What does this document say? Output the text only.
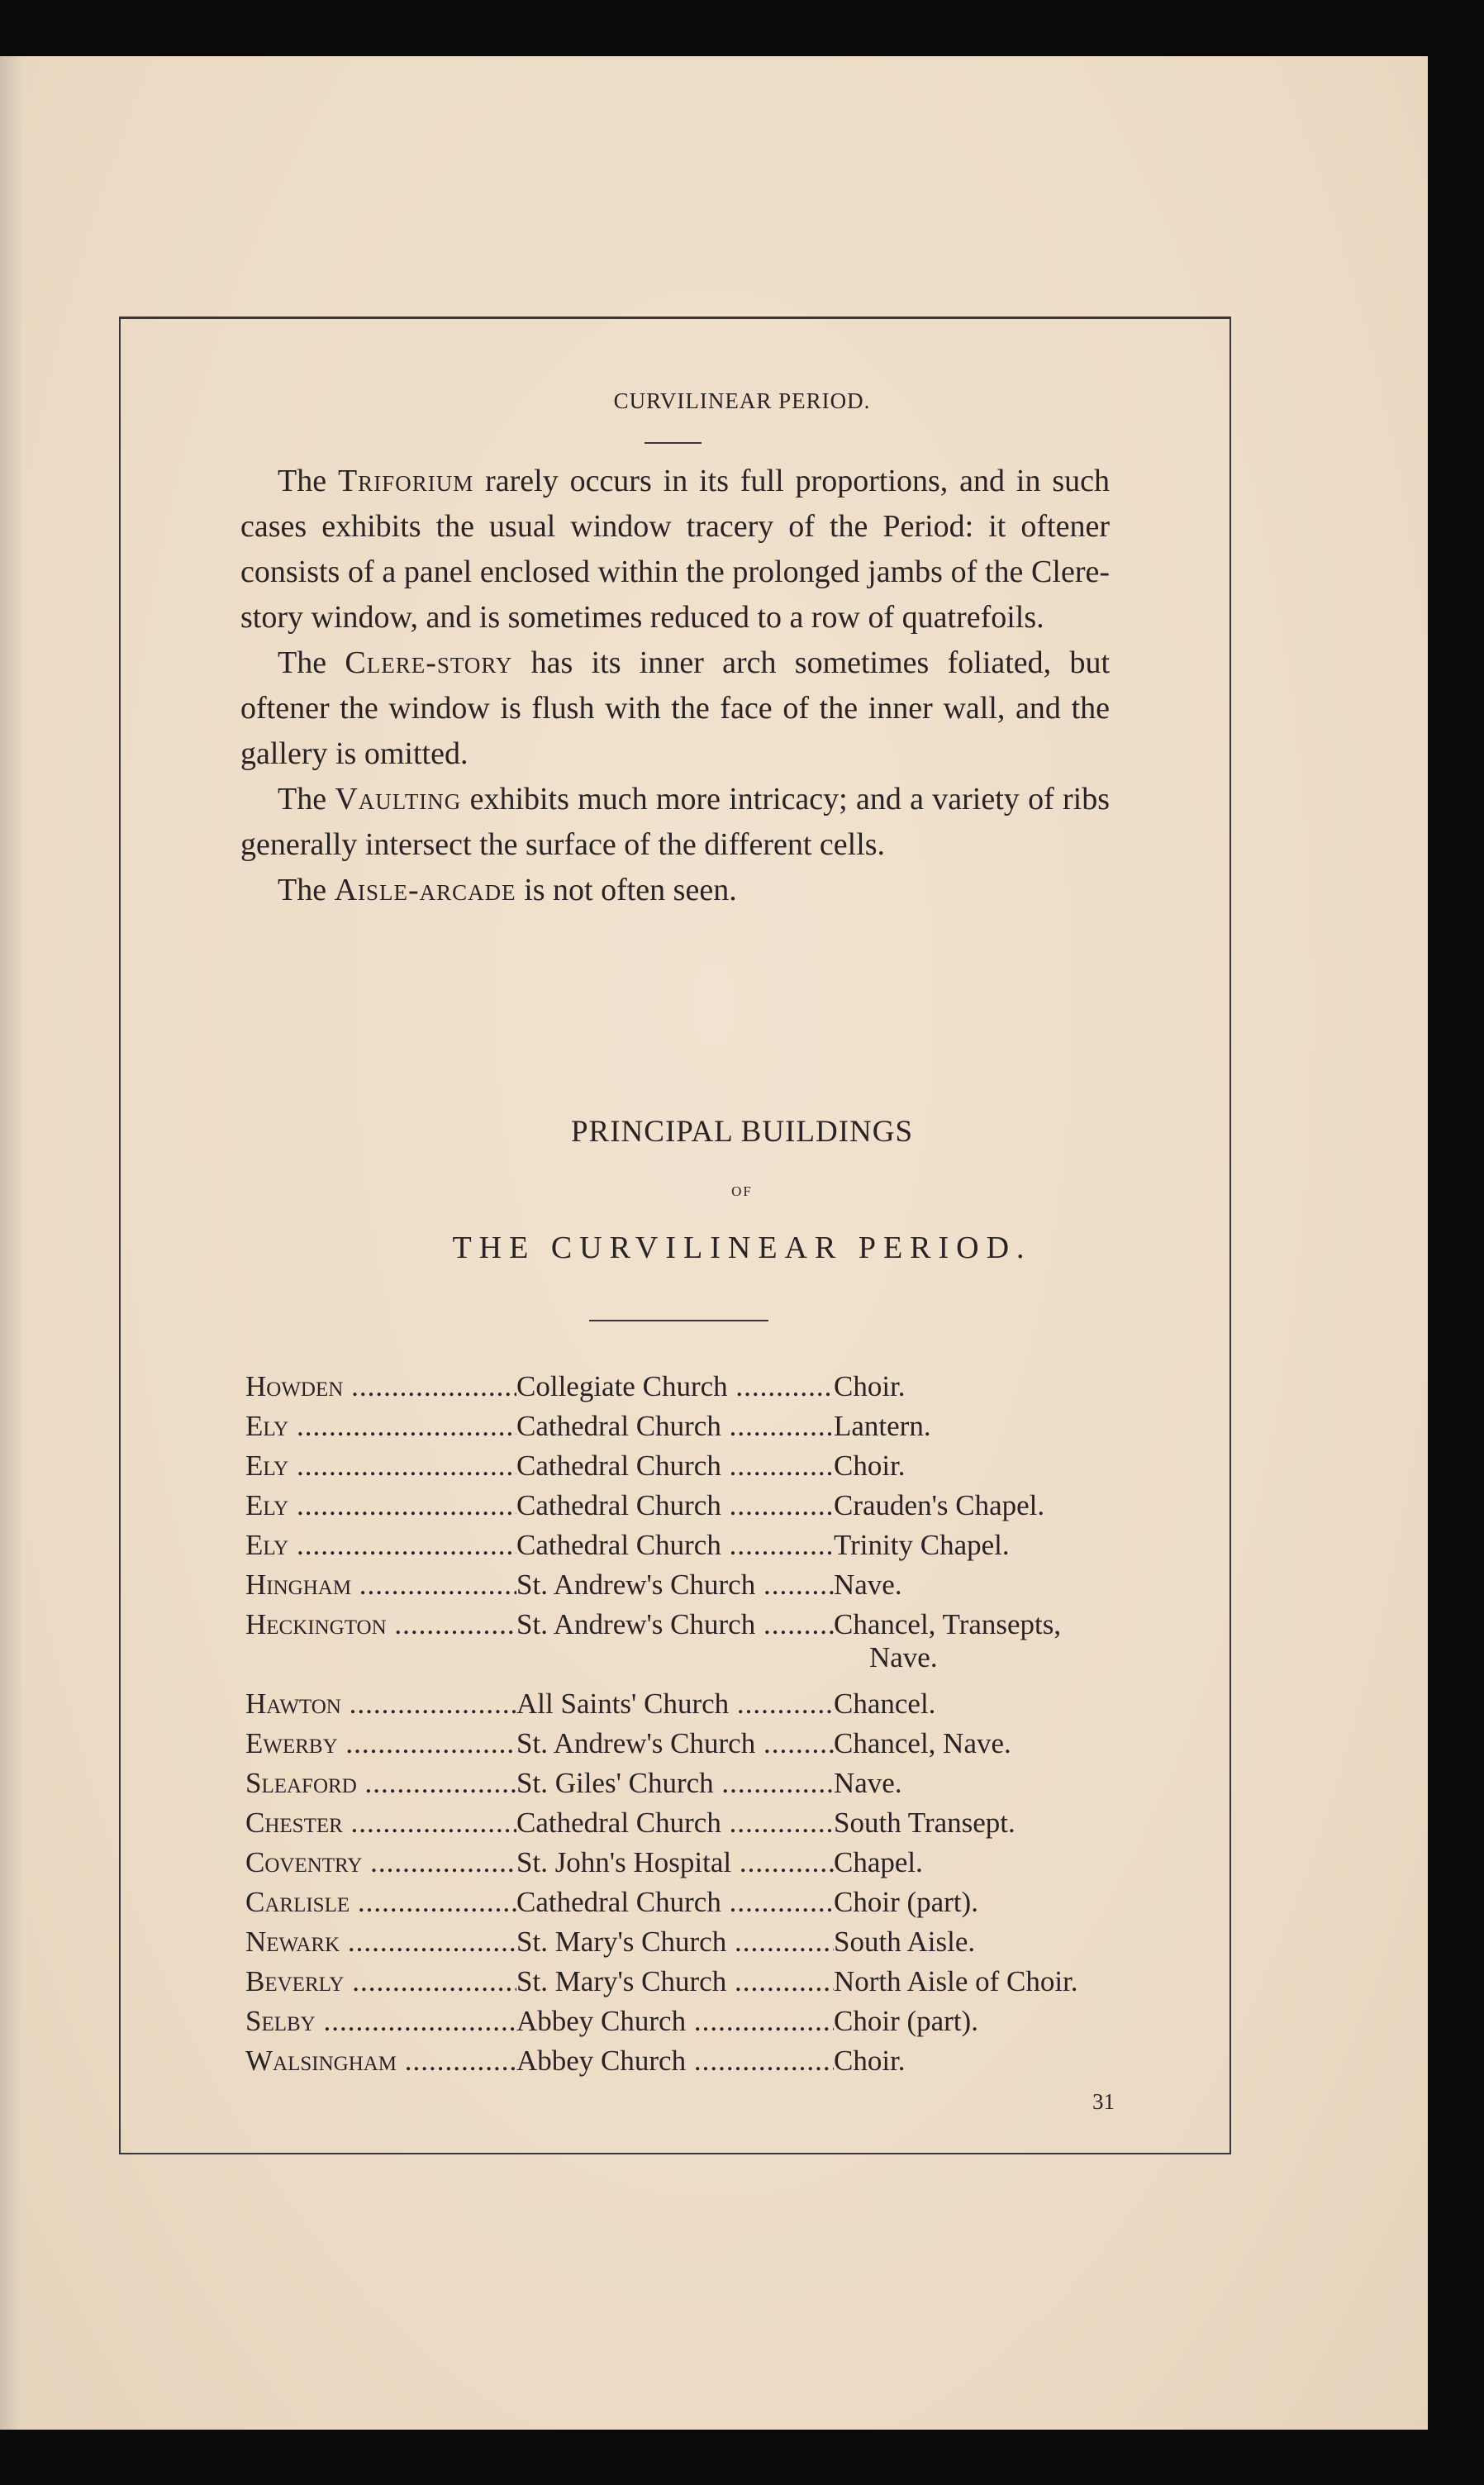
CURVILINEAR PERIOD.

The Triforium rarely occurs in its full proportions, and in such cases exhibits the usual window tracery of the Period: it oftener consists of a panel enclosed within the prolonged jambs of the Clere-story window, and is sometimes reduced to a row of quatrefoils.

The Clere-story has its inner arch sometimes foliated, but oftener the window is flush with the face of the inner wall, and the gallery is omitted.

The Vaulting exhibits much more intricacy; and a variety of ribs generally intersect the surface of the different cells.

The Aisle-arcade is not often seen.

PRINCIPAL BUILDINGS
OF
THE CURVILINEAR PERIOD.
Howden .....	Collegiate Church .....	Choir.
Ely .....	Cathedral Church .....	Lantern.
Ely .....	Cathedral Church .....	Choir.
Ely .....	Cathedral Church .....	Crauden's Chapel.
Ely .....	Cathedral Church .....	Trinity Chapel.
Hingham .....	St. Andrew's Church .....	Nave.
Heckington .....	St. Andrew's Church .....	Chancel, Transepts,
Nave.
Hawton .....	All Saints' Church .....	Chancel.
Ewerby .....	St. Andrew's Church .....	Chancel, Nave.
Sleaford .....	St. Giles' Church .....	Nave.
Chester .....	Cathedral Church .....	South Transept.
Coventry .....	St. John's Hospital .....	Chapel.
Carlisle .....	Cathedral Church .....	Choir (part).
Newark .....	St. Mary's Church .....	South Aisle.
Beverly .....	St. Mary's Church .....	North Aisle of Choir.
Selby .....	Abbey Church .....	Choir (part).
Walsingham .....	Abbey Church .....	Choir.
31
